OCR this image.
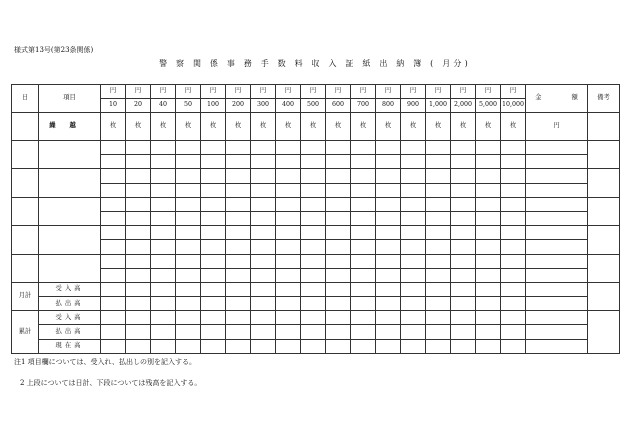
様式第13号(第23条関係)
警 察 関 係 事 務 手 数 料 収 入 証 紙 出 納 簿 ( 月分)
日	項目	円	円	円	円	円	円	円	円	円	円	円	円	円	円	円	円	円	金 額	備考
		10	20	40	50	100	200	300	400	500	600	700	800	900	1,000	2,000	5,000	10,000		
	繰越	枚	枚	枚	枚	枚	枚	枚	枚	枚	枚	枚	枚	枚	枚	枚	枚	枚	円	

月計	受入高																			
	払出高																			
累計	受入高																			
	払出高																			
	現在高																			
注1 項目欄については、受入れ、払出しの別を記入する。
2 上段については日計、下段については残高を記入する。
